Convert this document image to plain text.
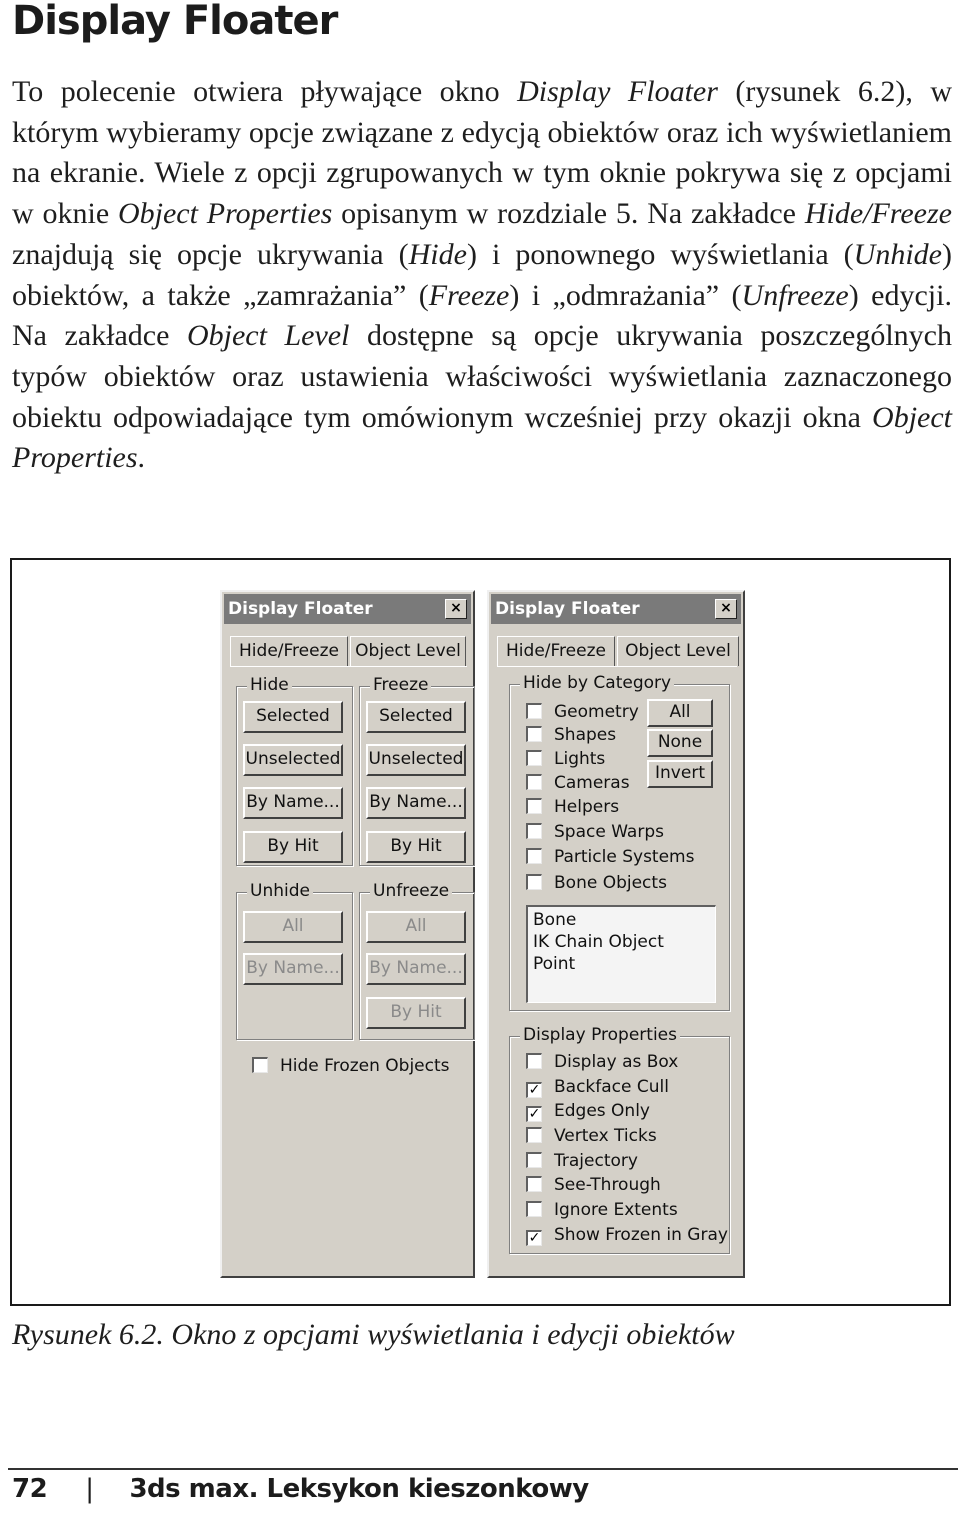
Display Floater

To polecenie otwiera pływające okno Display Floater (rysunek 6.2), w którym wybieramy opcje związane z edycją obiektów oraz ich wyświetlaniem na ekranie. Wiele z opcji zgrupowanych w tym oknie pokrywa się z opcjami w oknie Object Properties opisanym w rozdziale 5. Na zakładce Hide/Freeze znajdują się opcje ukrywania (Hide) i ponownego wyświetlania (Unhide) obiektów, a także „zamrażania” (Freeze) i „odmrażania” (Unfreeze) edycji. Na zakładce Object Level dostępne są opcje ukrywania poszczególnych typów obiektów oraz ustawienia właściwości wyświetlania zaznaczonego obiektu odpowiadające tym omówionym wcześniej przy okazji okna Object Properties.

Display Floater	×
Hide/Freeze Object Level
Hide
Selected
Unselected
By Name...
By Hit
Freeze
Selected
Unselected
By Name...
By Hit
Unhide
All
By Name...
Unfreeze
All
By Name...
By Hit
Hide Frozen Objects
Display Floater	×
Hide/Freeze	Object Level
Hide by Category
Geometry
Shapes
Lights
Cameras
Helpers
Space Warps
Particle Systems
Bone Objects
All
None
Invert
Bone
IK Chain Object
Point
Display Properties
Display as Box
✓ Backface Cull
✓ Edges Only
Vertex Ticks
Trajectory
See-Through
Ignore Extents
✓ Show Frozen in Gray
Rysunek 6.2. Okno z opcjami wyświetlania i edycji obiektów
72 | 3ds max. Leksykon kieszonkowy
